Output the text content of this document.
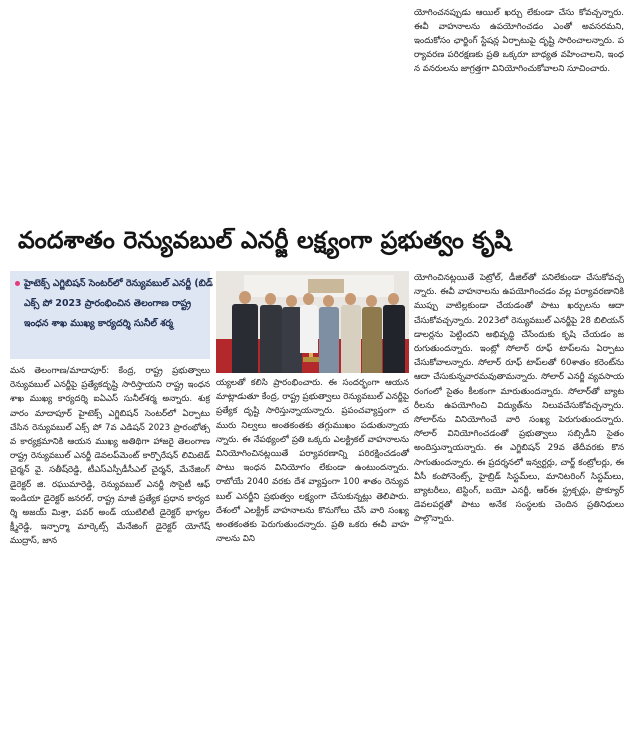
యోగించనప్పుడు ఆయిల్ ఖర్చు లేకుండా చేసు కోవచ్చన్నారు. ఈవీ వాహనాలను ఉపయోగించడం ఎంతో అవసరమని, ఇందుకోసం ఛార్జింగ్ స్టేషన్ల ఏర్పాటుపై దృష్టి సారించాలన్నారు. పర్యావరణ పరిరక్షణకు ప్రతి ఒక్కరూ బాధ్యత వహించాలని, ఇంధన వనరులను జాగ్రత్తగా వినియోగించుకోవాలని సూచించారు.
వందశాతం రెన్యువబుల్ ఎనర్జీ లక్ష్యంగా ప్రభుత్వం కృషి
హైటెక్స్ ఎగ్జిబిషన్ సెంటర్‌లో రెన్యువబుల్ ఎనర్జీ (బిడ్ ఎక్స్ పో 2023 ప్రారంభించిన తెలంగాణ రాష్ట్ర ఇంధన శాఖ ముఖ్య కార్యదర్శి సునీల్ శర్మ
మన తెలంగాణ/మాదాపూర్: కేంద్ర, రాష్ట్ర ప్రభుత్వాలు రెన్యువబుల్ ఎనర్జీపై ప్రత్యేకదృష్టి సారిస్తాయని రాష్ట్ర ఇంధన శాఖ ముఖ్య కార్యదర్శి ఐఏఎస్ సునీల్‌శర్మ అన్నారు. శుక్రవారం మాదాపూర్ హైటెక్స్ ఎగ్జిబిషన్ సెంటర్‌లో ఏర్పాటు చేసిన రెన్యువబుల్ ఎక్స్ పో 7వ ఎడిషన్ 2023 ప్రారంభోత్సవ కార్యక్రమానికి ఆయన ముఖ్య అతిథిగా హాజరై తెలంగాణ రాష్ట్ర రెన్యువబుల్ ఎనర్జీ డెవలప్‌మెంట్ కార్పొరేషన్ లిమిటెడ్ చైర్మన్ వై. సతీష్‌రెడ్డి, టీఎస్‌ఎస్పీడీసీఎల్ చైర్మన్, మేనేజింగ్ డైరెక్టర్ జి. రఘుమారెడ్డి, రెన్యువబుల్ ఎనర్జీ సొసైటీ ఆఫ్ ఇండియా డైరెక్టర్ జనరల్, రాష్ట్ర మాజీ ప్రత్యేక ప్రధాన కార్యదర్శి అజయ్ మిశ్రా, పవర్ అండ్ యుటిలిటీ డైరెక్టర్ భాగ్యలక్ష్మీరెడ్డి, ఇన్ఫార్మా మార్కెట్స్ మేనేజింగ్ డైరెక్టర్ యోగేష్ ముద్రాస్, జాన
య్యలతో కలిసి ప్రారంభించారు. ఈ సందర్భంగా ఆయన మాట్లాడుతూ కేంద్ర, రాష్ట్ర ప్రభుత్వాలు రెన్యువబుల్ ఎనర్జీపై ప్రత్యేక దృష్టి సారిస్తున్నాయన్నారు. ప్రపంచవ్యాప్తంగా చమురు నిల్వలు అంతకంతకు తగ్గుముఖం పడుతున్నాయన్నారు. ఈ నేపథ్యంలో ప్రతి ఒక్కరు ఎలక్ట్రికల్ వాహనాలను వినియోగించినట్లయితే పర్యావరణాన్ని పరిరక్షించడంతో పాటు ఇంధన వినియోగం లేకుండా ఉంటుందన్నారు. రాబోయే 2040 వరకు దేశ వ్యాప్తంగా 100 శాతం రెన్యువబుల్ ఎనర్జీని ప్రభుత్వం లక్ష్యంగా చేసుకున్నట్లు తెలిపారు. దేశంలో ఎలక్ట్రిక్ వాహనాలను కొనుగోలు చేసే వారి సంఖ్య అంతకంతకు పెరుగుతుందన్నారు. ప్రతి ఒకరు ఈవీ వాహనాలను విని
యోగించినట్లయితే పెట్రోల్, డీజిల్‌తో పనిలేకుండా చేసుకోవచ్చన్నారు. ఈవీ వాహనాలను ఉపయోగించడం వల్ల పర్యావరణానికి ముప్పు వాటిల్లకుండా చేయడంతో పాటు ఖర్చులను ఆదా చేసుకోవచ్చన్నారు. 2023లో రెన్యువబుల్ ఎనర్జీపై 28 బిలియన్ డాలర్లను పెట్టిందని అభివృద్ధి చేసేందుకు కృషి చేయడం జరుగుతుందన్నారు. ఇంట్లో సోలార్ రూఫ్ టాప్‌లను ఏర్పాటు చేసుకోవాలన్నారు. సోలార్ రూఫ్ టాప్‌లతో 60శాతం కరెంట్‌ను ఆదా చేసుకున్నవారమవుతామన్నారు. సోలార్ ఎనర్జీ వ్యవసాయ రంగంలో సైతం కీలకంగా మారుతుందన్నారు. సోలార్‌తో బ్యాటరీలను ఉపయోగించి విద్యుత్‌ను నిలువచేసుకోవచ్చన్నారు. సోలార్‌ను వినియోగించే వారి సంఖ్య పెరుగుతుందన్నారు. సోలార్ వినియోగించడంతో ప్రభుత్వాలు సబ్సిడీని సైతం అందిస్తున్నాయన్నారు. ఈ ఎగ్జిబిషన్ 29వ తేదీవరకు కొనసాగుతుందన్నారు. ఈ ప్రదర్శనలో ఇన్వర్టర్లు, చార్జ్ కంట్రోలర్లు, ఈవీసీ కంపోనెంట్స్, హైబ్రిడ్ సిస్టమ్‌లు, మానిటరింగ్ సిస్టమ్‌లు, బ్యాటరీలు, టెస్టింగ్, బయో ఎనర్జీ, ఆర్‌ఈ స్ట్రక్చర్లు, ప్రొక్యూర్ డెవలపర్లతో పాటు అనేక సంస్థలకు చెందిన ప్రతినిధులు పాల్గొన్నారు.
